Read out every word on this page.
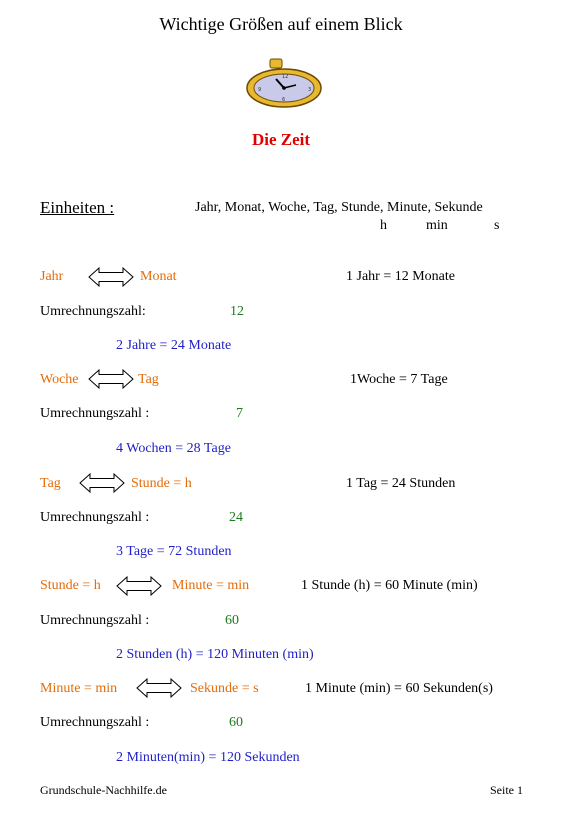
Wichtige Größen auf einem Blick
12
3
6
9
Die Zeit
Einheiten :	Jahr, Monat, Woche, Tag, Stunde, Minute, Sekunde
h	min	s
Jahr	Monat	1 Jahr = 12 Monate
Umrechnungszahl:	12
2 Jahre = 24 Monate
Woche	Tag	1Woche = 7 Tage
Umrechnungszahl :	7
4 Wochen = 28 Tage
Tag	Stunde = h	1 Tag = 24 Stunden
Umrechnungszahl :	24
3 Tage = 72 Stunden
Stunde = h	Minute = min	1 Stunde (h) = 60 Minute (min)
Umrechnungszahl :	60
2 Stunden (h) = 120 Minuten (min)
Minute = min	Sekunde = s	1 Minute (min) = 60 Sekunden(s)
Umrechnungszahl :	60
2 Minuten(min) = 120 Sekunden
Grundschule-Nachhilfe.de	Seite 1
